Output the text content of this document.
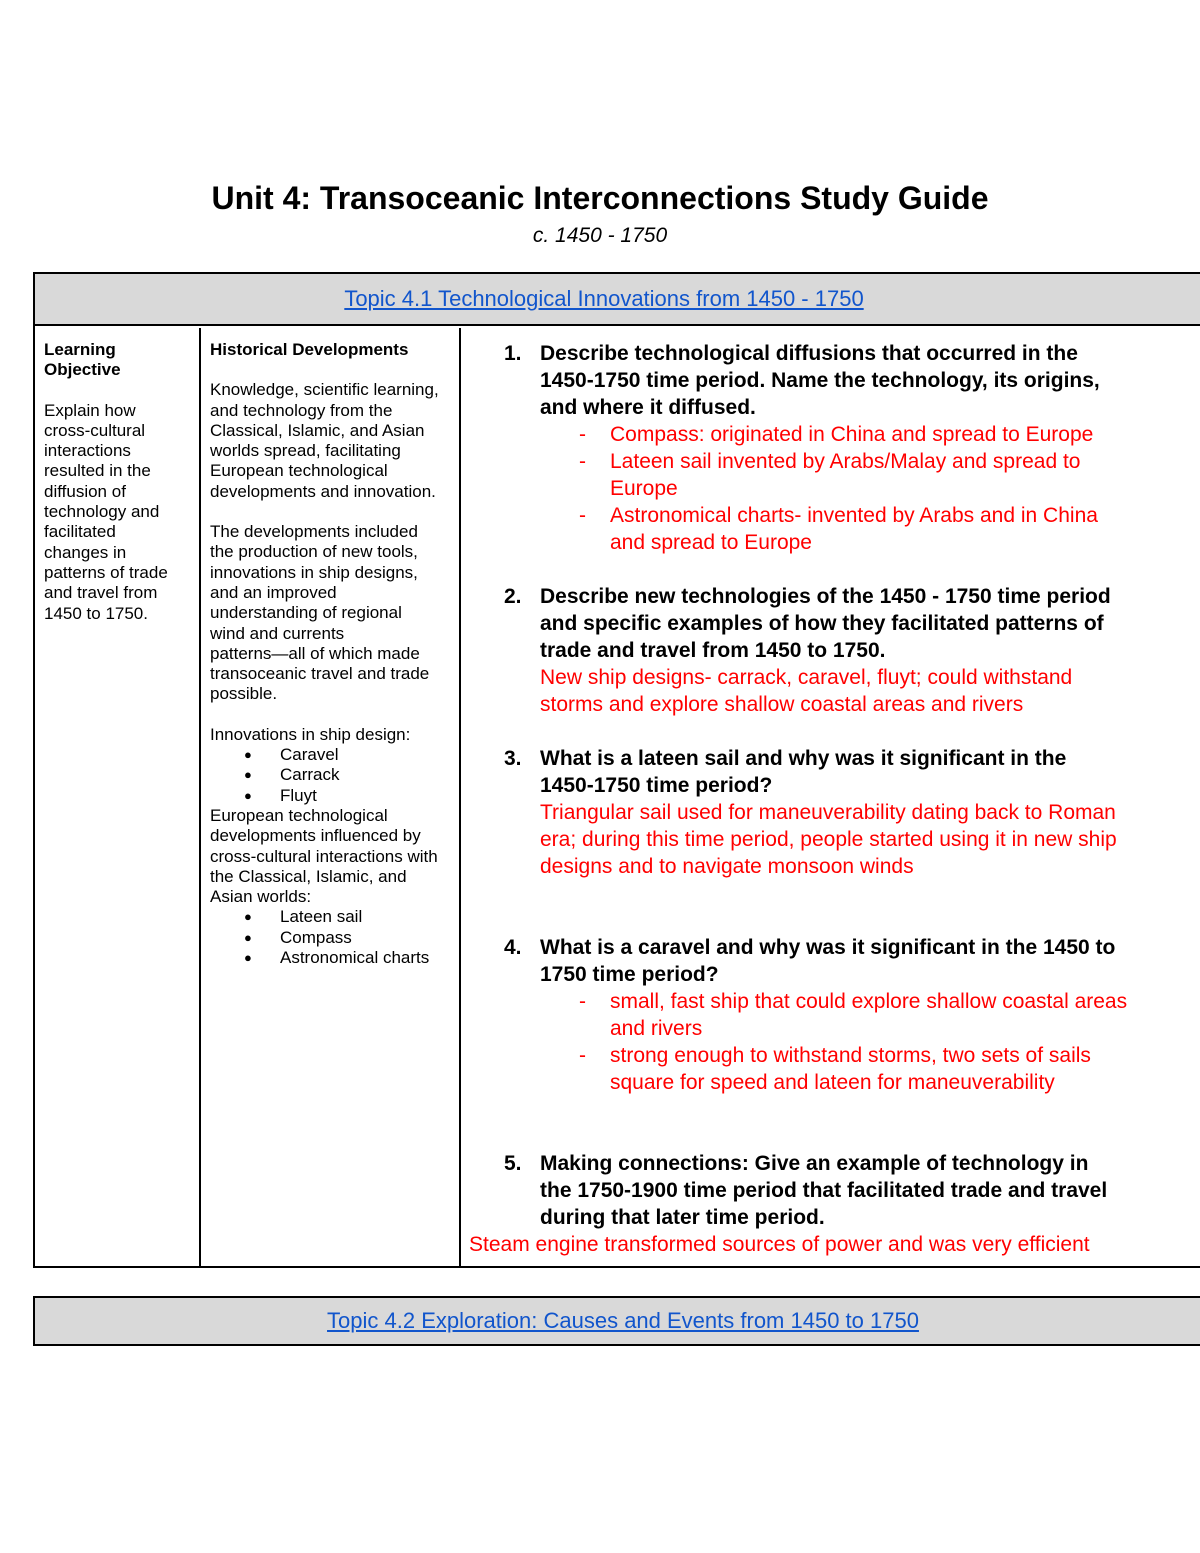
Unit 4: Transoceanic Interconnections Study Guide
c. 1450 - 1750
Topic 4.1 Technological Innovations from 1450 - 1750
Learning
Objective
Explain how
cross-cultural
interactions
resulted in the
diffusion of
technology and
facilitated
changes in
patterns of trade
and travel from
1450 to 1750.
Historical Developments
Knowledge, scientific learning,
and technology from the
Classical, Islamic, and Asian
worlds spread, facilitating
European technological
developments and innovation.
The developments included
the production of new tools,
innovations in ship designs,
and an improved
understanding of regional
wind and currents
patterns—all of which made
transoceanic travel and trade
possible.
Innovations in ship design:
● Caravel
● Carrack
● Fluyt
European technological
developments influenced by
cross-cultural interactions with
the Classical, Islamic, and
Asian worlds:
● Lateen sail
● Compass
● Astronomical charts
1. Describe technological diffusions that occurred in the
1450-1750 time period. Name the technology, its origins,
and where it diffused.
- Compass: originated in China and spread to Europe
- Lateen sail invented by Arabs/Malay and spread to
Europe
- Astronomical charts- invented by Arabs and in China
and spread to Europe
2. Describe new technologies of the 1450 - 1750 time period
and specific examples of how they facilitated patterns of
trade and travel from 1450 to 1750.
New ship designs- carrack, caravel, fluyt; could withstand
storms and explore shallow coastal areas and rivers
3. What is a lateen sail and why was it significant in the
1450-1750 time period?
Triangular sail used for maneuverability dating back to Roman
era; during this time period, people started using it in new ship
designs and to navigate monsoon winds
4. What is a caravel and why was it significant in the 1450 to
1750 time period?
- small, fast ship that could explore shallow coastal areas
and rivers
- strong enough to withstand storms, two sets of sails
square for speed and lateen for maneuverability
5. Making connections: Give an example of technology in
the 1750-1900 time period that facilitated trade and travel
during that later time period.
Steam engine transformed sources of power and was very efficient
Topic 4.2 Exploration: Causes and Events from 1450 to 1750
